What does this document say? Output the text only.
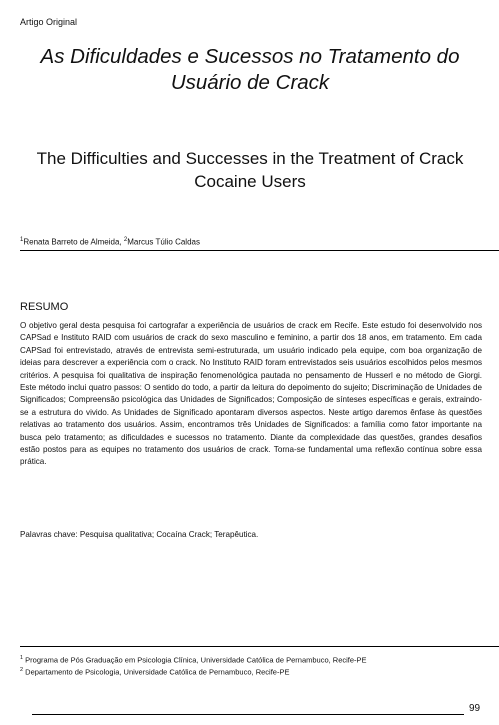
Artigo Original
As Dificuldades e Sucessos no Tratamento do
Usuário de Crack
The Difficulties and Successes in the Treatment of Crack
Cocaine Users
$^1$Renata Barreto de Almeida, $^2$Marcus Túlio Caldas
RESUMO

O objetivo geral desta pesquisa foi cartografar a experiência de usuários de crack em Recife. Este estudo foi desenvolvido nos CAPSad e Instituto RAID com usuários de crack do sexo masculino e feminino, a partir dos 18 anos, em tratamento. Em cada CAPSad foi entrevistado, através de entrevista semi-estruturada, um usuário indicado pela equipe, com boa organização de ideias para descrever a experiência com o crack. No Instituto RAID foram entrevistados seis usuários escolhidos pelos mesmos critérios. A pesquisa foi qualitativa de inspiração fenomenológica pautada no pensamento de Husserl e no método de Giorgi. Este método inclui quatro passos: O sentido do todo, a partir da leitura do depoimento do sujeito; Discriminação de Unidades de Significados; Compreensão psicológica das Unidades de Significados; Composição de sínteses específicas e gerais, extraindo-se a estrutura do vivido. As Unidades de Significado apontaram diversos aspectos. Neste artigo daremos ênfase às questões relativas ao tratamento dos usuários. Assim, encontramos três Unidades de Significados: a família como fator importante na busca pelo tratamento; as dificuldades e sucessos no tratamento. Diante da complexidade das questões, grandes desafios estão postos para as equipes no tratamento dos usuários de crack. Torna-se fundamental uma reflexão contínua sobre essa prática.

Palavras chave: Pesquisa qualitativa; Cocaína Crack; Terapêutica.
$^1$ Programa de Pós Graduação em Psicologia Clínica, Universidade Católica de Pernambuco, Recife-PE
$^2$ Departamento de Psicologia, Universidade Católica de Pernambuco, Recife-PE
99
